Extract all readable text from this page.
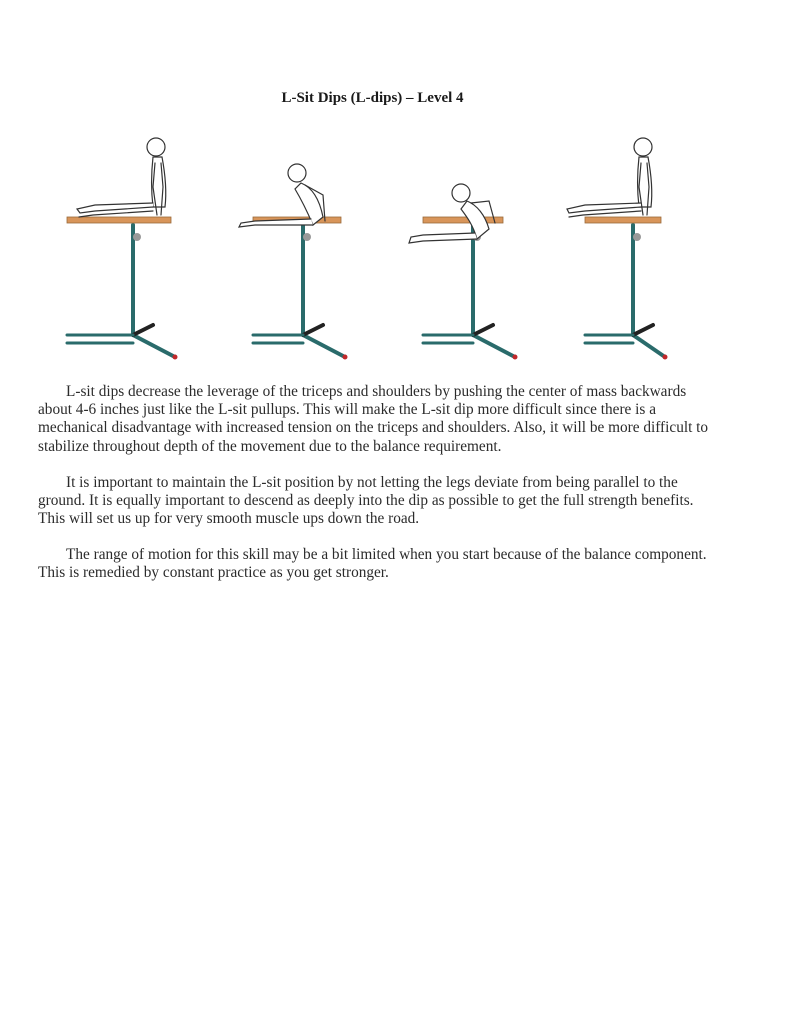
L-Sit Dips (L-dips) – Level 4

L-sit dips decrease the leverage of the triceps and shoulders by pushing the center of mass backwards about 4-6 inches just like the L-sit pullups. This will make the L-sit dip more difficult since there is a mechanical disadvantage with increased tension on the triceps and shoulders. Also, it will be more difficult to stabilize throughout depth of the movement due to the balance requirement.

It is important to maintain the L-sit position by not letting the legs deviate from being parallel to the ground. It is equally important to descend as deeply into the dip as possible to get the full strength benefits. This will set us up for very smooth muscle ups down the road.

The range of motion for this skill may be a bit limited when you start because of the balance component. This is remedied by constant practice as you get stronger.
